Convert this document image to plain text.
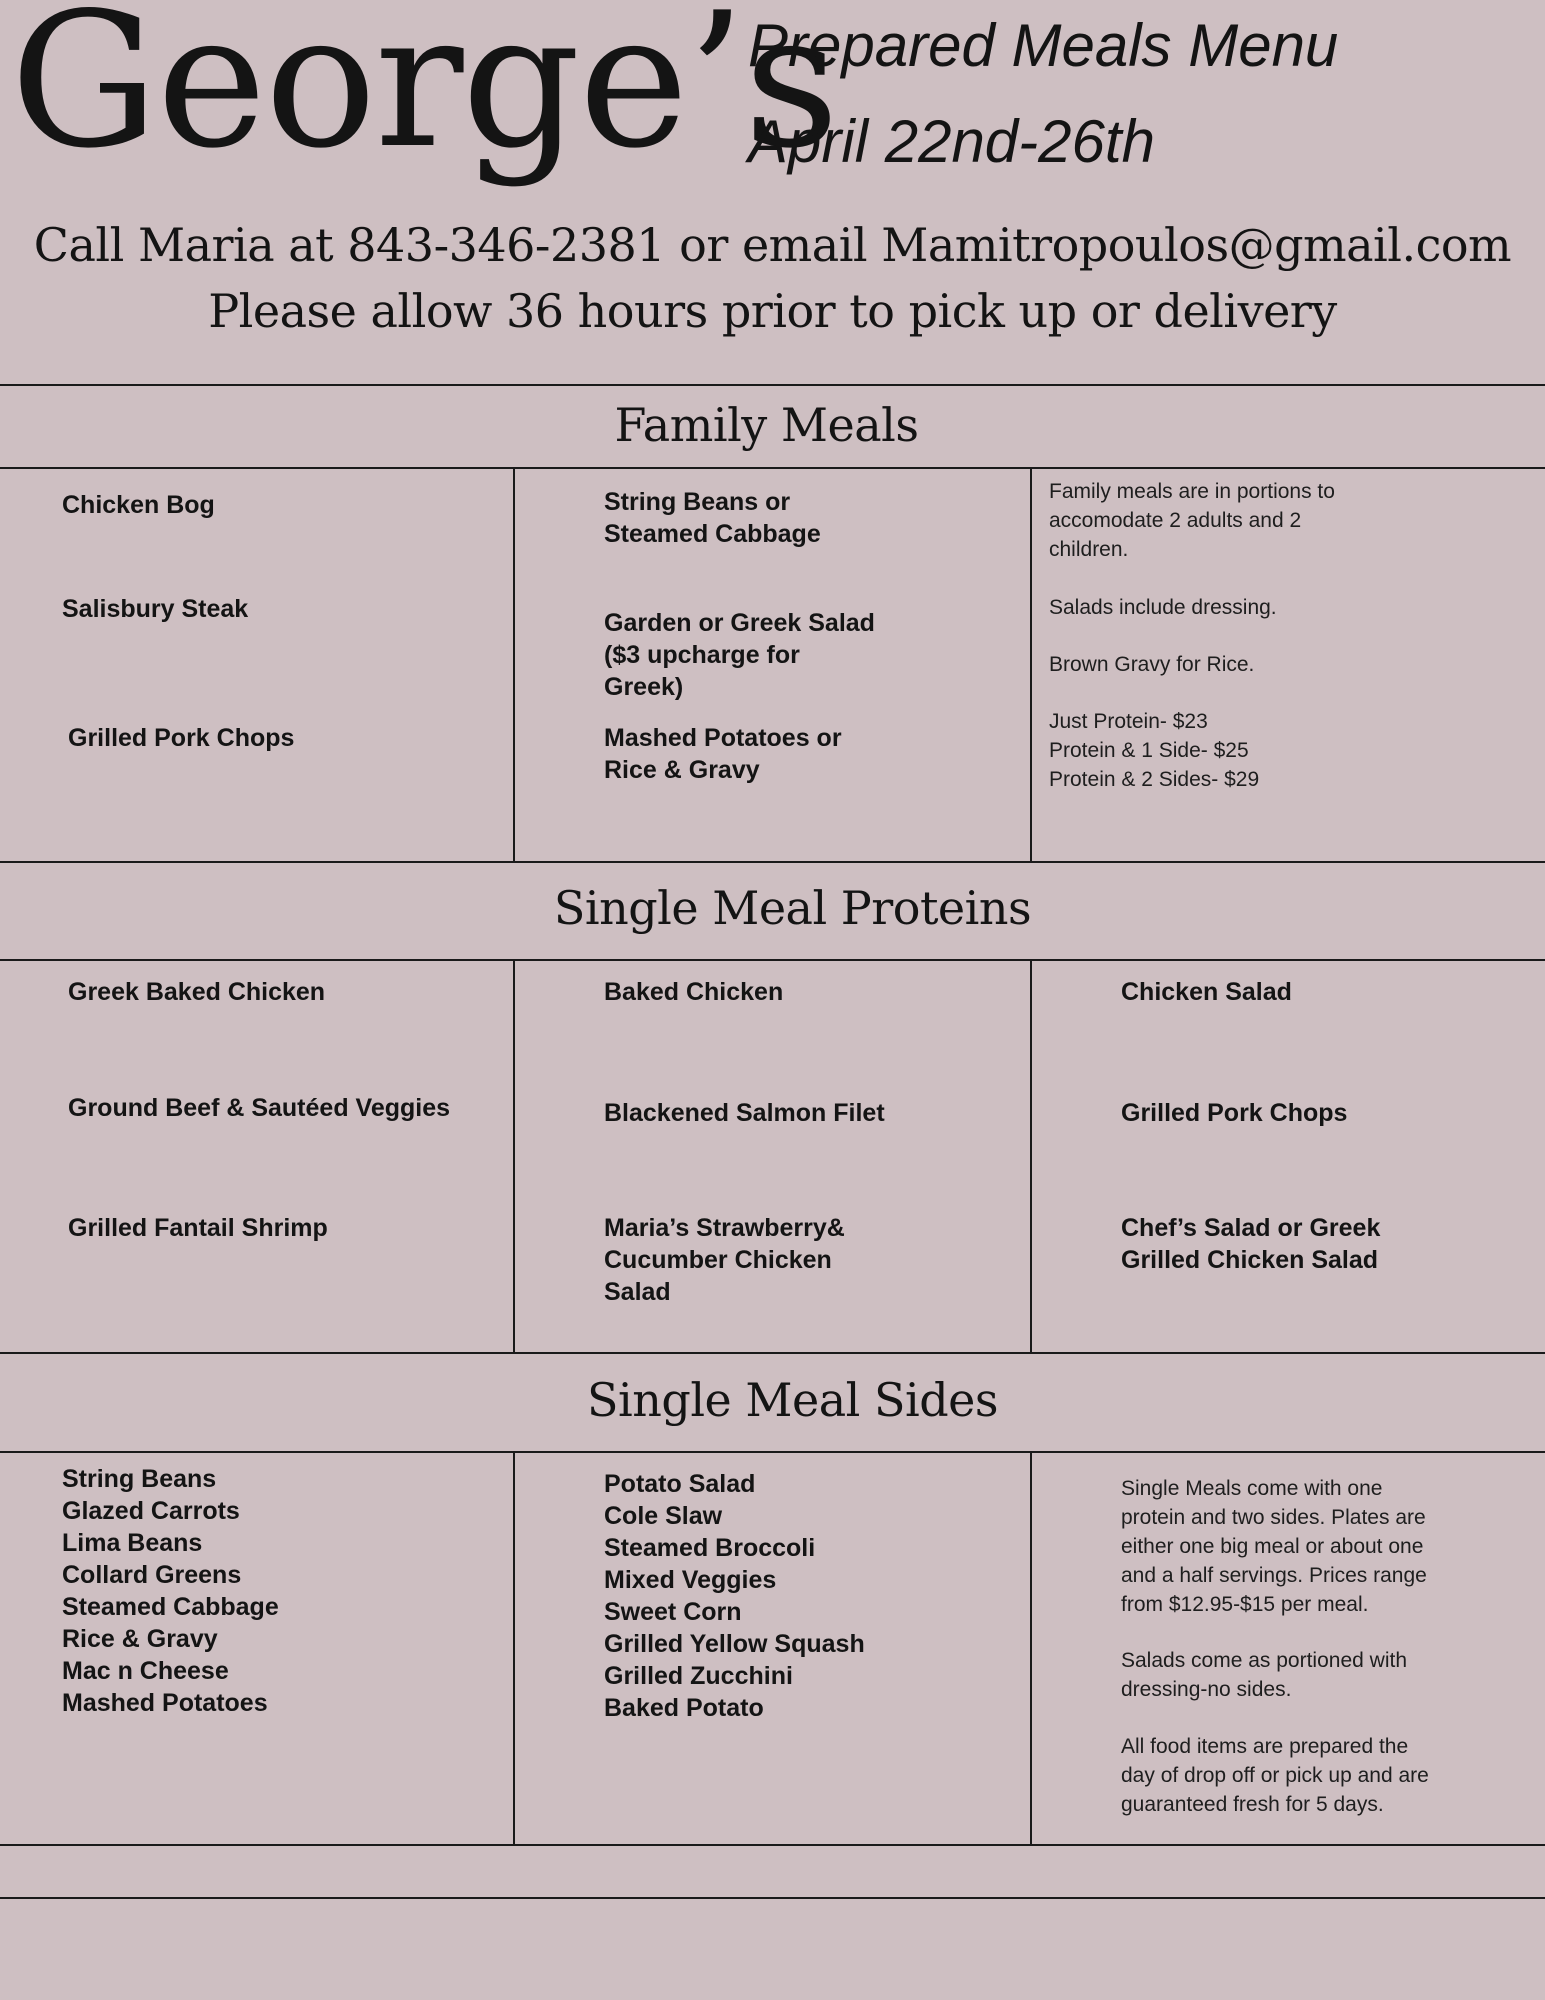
George’s
Prepared Meals Menu
April 22nd-26th
Call Maria at 843-346-2381 or email Mamitropoulos@gmail.com
Please allow 36 hours prior to pick up or delivery
Family Meals
Chicken Bog
Salisbury Steak
Grilled Pork Chops
String Beans or
Steamed Cabbage
Garden or Greek Salad
($3 upcharge for
Greek)
Mashed Potatoes or
Rice & Gravy
Family meals are in portions to
accomodate 2 adults and 2
children.
Salads include dressing.
Brown Gravy for Rice.
Just Protein- $23
Protein & 1 Side- $25
Protein & 2 Sides- $29
Single Meal Proteins
Greek Baked Chicken
Ground Beef & Sautéed Veggies
Grilled Fantail Shrimp
Baked Chicken
Blackened Salmon Filet
Maria’s Strawberry&
Cucumber Chicken
Salad
Chicken Salad
Grilled Pork Chops
Chef’s Salad or Greek
Grilled Chicken Salad
Single Meal Sides
String Beans
Glazed Carrots
Lima Beans
Collard Greens
Steamed Cabbage
Rice & Gravy
Mac n Cheese
Mashed Potatoes
Potato Salad
Cole Slaw
Steamed Broccoli
Mixed Veggies
Sweet Corn
Grilled Yellow Squash
Grilled Zucchini
Baked Potato
Single Meals come with one
protein and two sides. Plates are
either one big meal or about one
and a half servings. Prices range
from $12.95-$15 per meal.
Salads come as portioned with
dressing-no sides.
All food items are prepared the
day of drop off or pick up and are
guaranteed fresh for 5 days.
